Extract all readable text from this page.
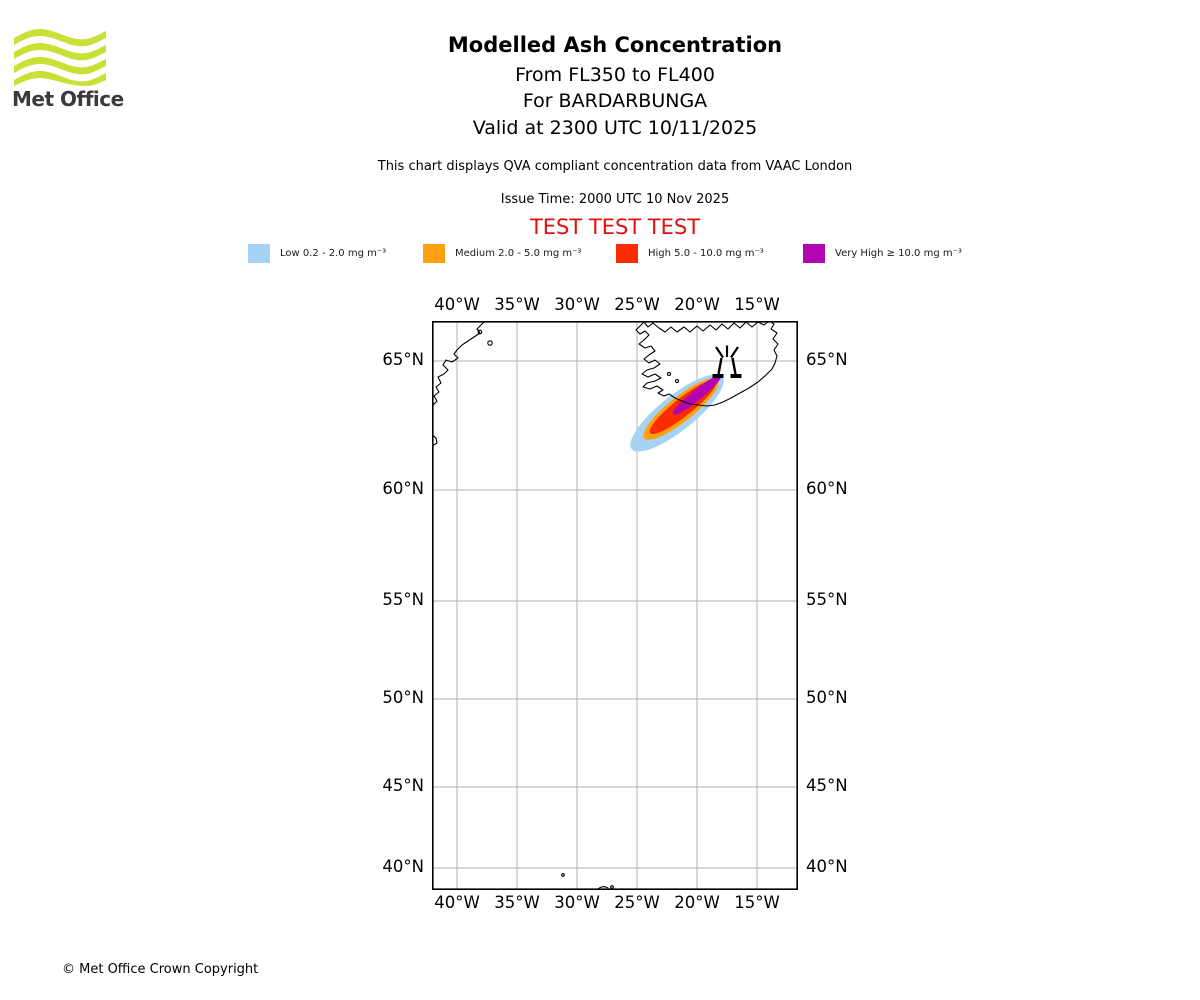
Met Office
Modelled Ash Concentration
From FL350 to FL400
For BARDARBUNGA
Valid at 2300 UTC 10/11/2025
This chart displays QVA compliant concentration data from VAAC London
Issue Time: 2000 UTC 10 Nov 2025
TEST TEST TEST
Low 0.2 - 2.0 mg m⁻³	Medium 2.0 - 5.0 mg m⁻³	High 5.0 - 10.0 mg m⁻³	Very High ≥ 10.0 mg m⁻³
40°W 35°W 30°W 25°W 20°W 15°W
40°W 35°W 30°W 25°W 20°W 15°W
65°N
60°N
55°N
50°N
45°N
40°N
65°N
60°N
55°N
50°N
45°N
40°N
© Met Office Crown Copyright
